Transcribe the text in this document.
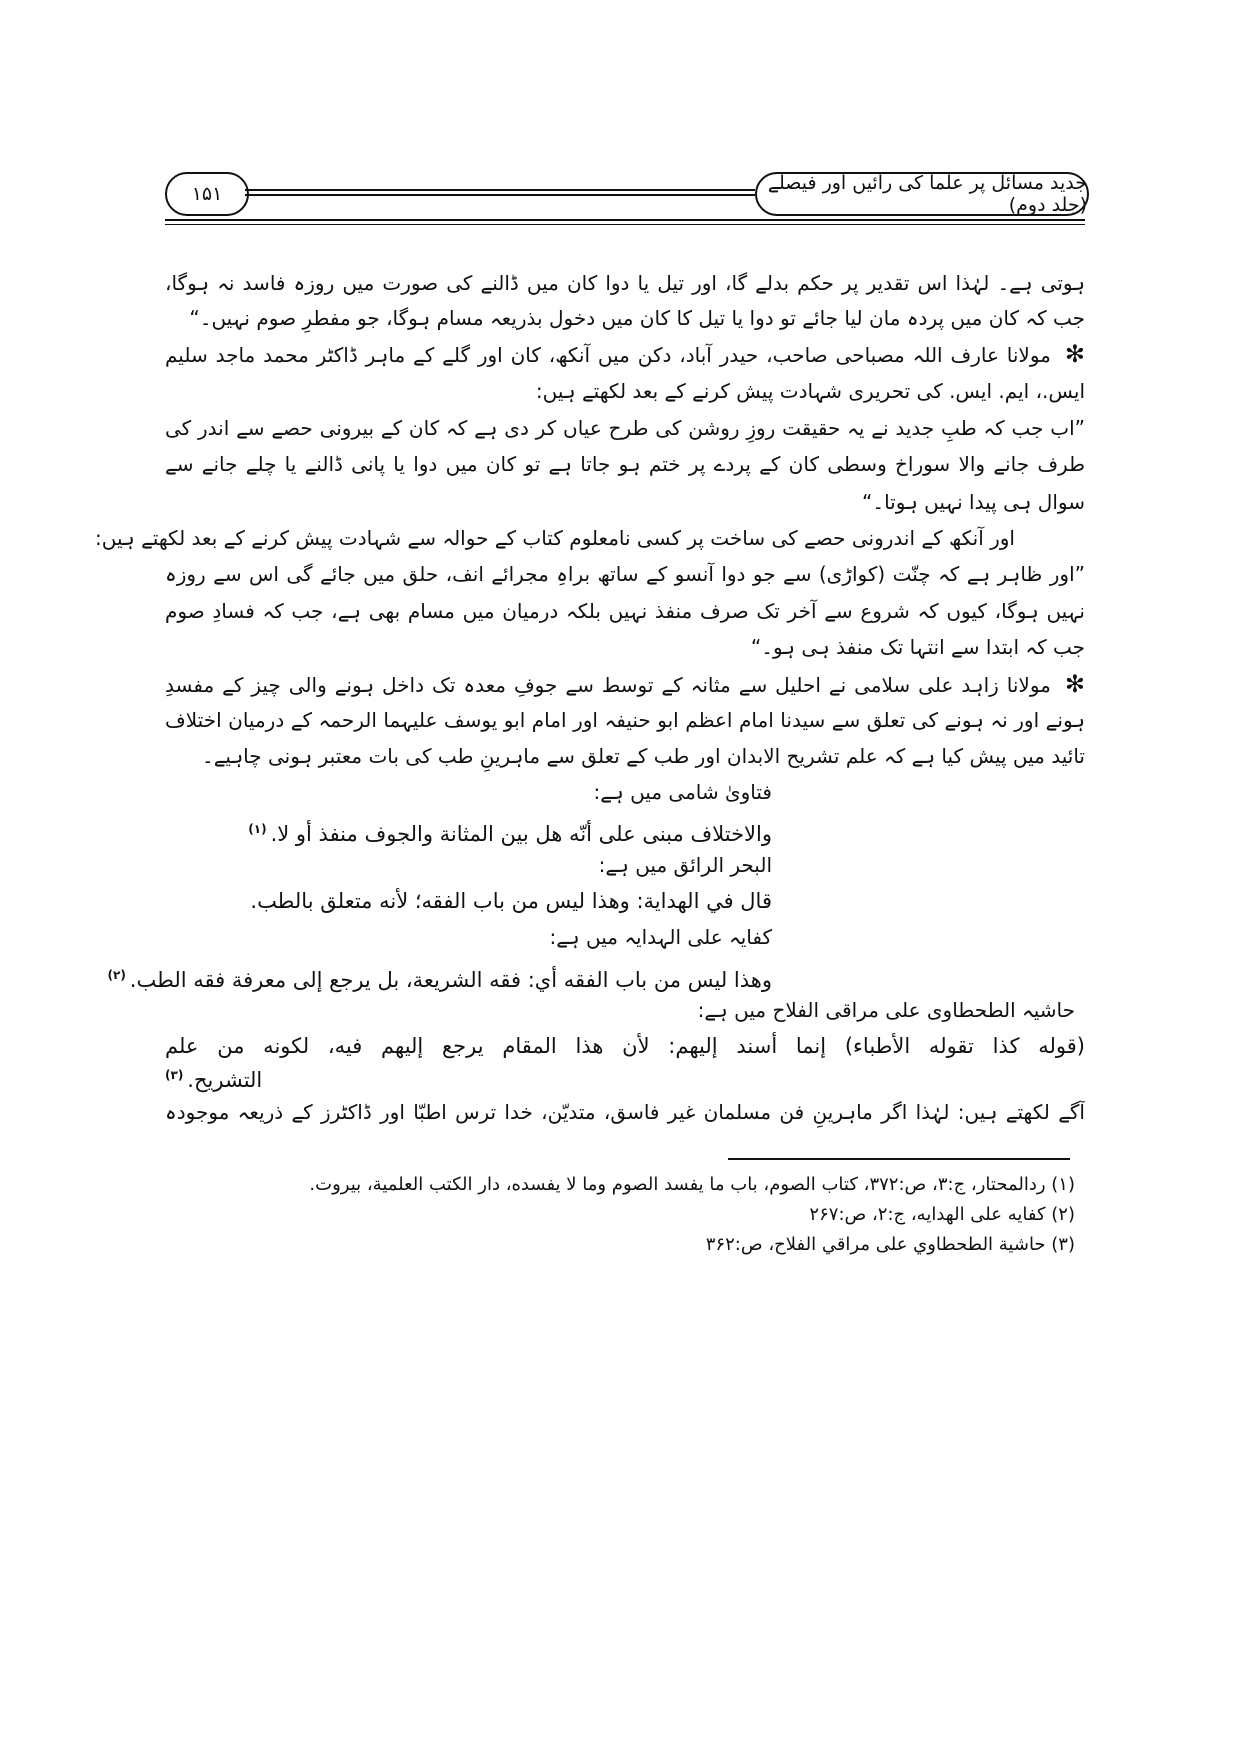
۱۵۱	جدید مسائل پر علما کی رائیں اور فیصلے (جلد دوم)
ہوتی ہے۔ لہٰذا اس تقدیر پر حکم بدلے گا، اور تیل یا دوا کان میں ڈالنے کی صورت میں روزہ فاسد نہ ہوگا،
جب کہ کان میں پردہ مان لیا جائے تو دوا یا تیل کا کان میں دخول بذریعہ مسام ہوگا، جو مفطرِ صوم نہیں۔“
✻مولانا عارف اللہ مصباحی صاحب، حیدر آباد، دکن میں آنکھ، کان اور گلے کے ماہر ڈاکٹر محمد ماجد سلیم
ایس.، ایم. ایس. کی تحریری شہادت پیش کرنے کے بعد لکھتے ہیں:
”اب جب کہ طبِ جدید نے یہ حقیقت روزِ روشن کی طرح عیاں کر دی ہے کہ کان کے بیرونی حصے سے اندر کی
طرف جانے والا سوراخ وسطی کان کے پردے پر ختم ہو جاتا ہے تو کان میں دوا یا پانی ڈالنے یا چلے جانے سے
سوال ہی پیدا نہیں ہوتا۔“
اور آنکھ کے اندرونی حصے کی ساخت پر کسی نامعلوم کتاب کے حوالہ سے شہادت پیش کرنے کے بعد لکھتے ہیں:
”اور ظاہر ہے کہ چنّت (کواڑی) سے جو دوا آنسو کے ساتھ براہِ مجرائے انف، حلق میں جائے گی اس سے روزہ
نہیں ہوگا، کیوں کہ شروع سے آخر تک صرف منفذ نہیں بلکہ درمیان میں مسام بھی ہے، جب کہ فسادِ صوم
جب کہ ابتدا سے انتہا تک منفذ ہی ہو۔“
✻مولانا زاہد علی سلامی نے احلیل سے مثانہ کے توسط سے جوفِ معدہ تک داخل ہونے والی چیز کے مفسدِ
ہونے اور نہ ہونے کی تعلق سے سیدنا امام اعظم ابو حنیفہ اور امام ابو یوسف علیہما الرحمہ کے درمیان اختلاف
تائید میں پیش کیا ہے کہ علم تشریح الابدان اور طب کے تعلق سے ماہرینِ طب کی بات معتبر ہونی چاہیے۔
فتاویٰ شامی میں ہے:
والاختلاف مبنی علی أنّه هل بين المثانة والجوف منفذ أو لا.$^{(۱)}$
البحر الرائق میں ہے:
قال في الهداية: وهذا ليس من باب الفقه؛ لأنه متعلق بالطب.
کفایہ علی الہدایہ میں ہے:
وهذا ليس من باب الفقه أي: فقه الشريعة، بل يرجع إلى معرفة فقه الطب.$^{(۲)}$
حاشیہ الطحطاوی علی مراقی الفلاح میں ہے:
(قوله كذا تقوله الأطباء) إنما أسند إليهم: لأن هذا المقام يرجع إليهم فيه، لكونه من علم
التشريح.$^{(۳)}$
آگے لکھتے ہیں: لہٰذا اگر ماہرینِ فن مسلمان غیر فاسق، متدیّن، خدا ترس اطبّا اور ڈاکٹرز کے ذریعہ موجودہ
(۱) ردالمحتار، ج:۳، ص:۳۷۲، کتاب الصوم، باب ما يفسد الصوم وما لا يفسده، دار الكتب العلمية، بيروت.
(۲) كفايه على الهدايه، ج:۲، ص:۲۶۷
(۳) حاشية الطحطاوي على مراقي الفلاح، ص:۳۶۲
